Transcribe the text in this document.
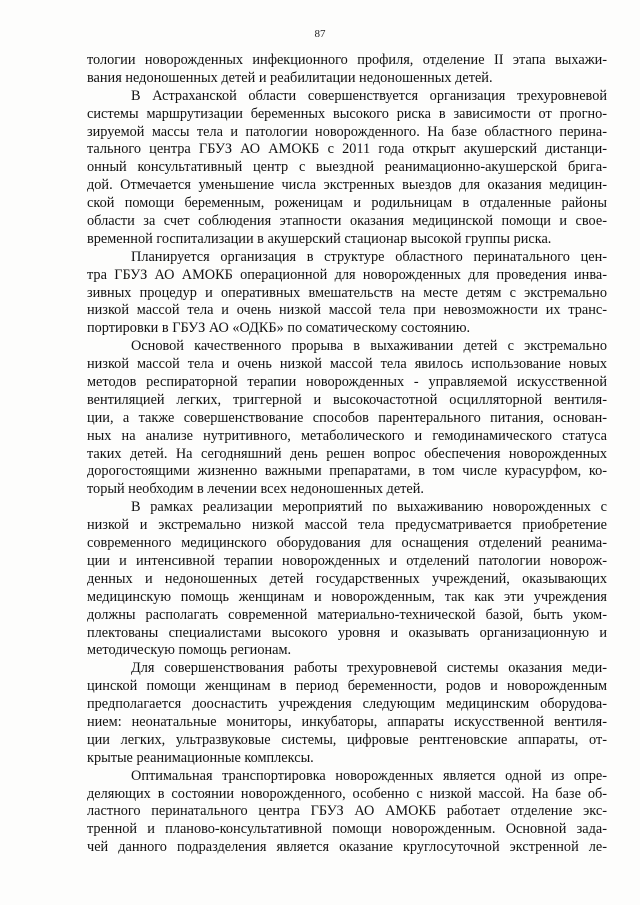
87
тологии новорожденных инфекционного профиля, отделение II этапа выхажи-
вания недоношенных детей и реабилитации недоношенных детей.
В Астраханской области совершенствуется организация трехуровневой
системы маршрутизации беременных высокого риска в зависимости от прогно-
зируемой массы тела и патологии новорожденного. На базе областного перина-
тального центра ГБУЗ АО АМОКБ с 2011 года открыт акушерский дистанци-
онный консультативный центр с выездной реанимационно-акушерской брига-
дой. Отмечается уменьшение числа экстренных выездов для оказания медицин-
ской помощи беременным, роженицам и родильницам в отдаленные районы
области за счет соблюдения этапности оказания медицинской помощи и свое-
временной госпитализации в акушерский стационар высокой группы риска.
Планируется организация в структуре областного перинатального цен-
тра ГБУЗ АО АМОКБ операционной для новорожденных для проведения инва-
зивных процедур и оперативных вмешательств на месте детям с экстремально
низкой массой тела и очень низкой массой тела при невозможности их транс-
портировки в ГБУЗ АО «ОДКБ» по соматическому состоянию.
Основой качественного прорыва в выхаживании детей с экстремально
низкой массой тела и очень низкой массой тела явилось использование новых
методов респираторной терапии новорожденных - управляемой искусственной
вентиляцией легких, триггерной и высокочастотной осцилляторной вентиля-
ции, а также совершенствование способов парентерального питания, основан-
ных на анализе нутритивного, метаболического и гемодинамического статуса
таких детей. На сегодняшний день решен вопрос обеспечения новорожденных
дорогостоящими жизненно важными препаратами, в том числе курасурфом, ко-
торый необходим в лечении всех недоношенных детей.
В рамках реализации мероприятий по выхаживанию новорожденных с
низкой и экстремально низкой массой тела предусматривается приобретение
современного медицинского оборудования для оснащения отделений реанима-
ции и интенсивной терапии новорожденных и отделений патологии новорож-
денных и недоношенных детей государственных учреждений, оказывающих
медицинскую помощь женщинам и новорожденным, так как эти учреждения
должны располагать современной материально-технической базой, быть уком-
плектованы специалистами высокого уровня и оказывать организационную и
методическую помощь регионам.
Для совершенствования работы трехуровневой системы оказания меди-
цинской помощи женщинам в период беременности, родов и новорожденным
предполагается дооснастить учреждения следующим медицинским оборудова-
нием: неонатальные мониторы, инкубаторы, аппараты искусственной вентиля-
ции легких, ультразвуковые системы, цифровые рентгеновские аппараты, от-
крытые реанимационные комплексы.
Оптимальная транспортировка новорожденных является одной из опре-
деляющих в состоянии новорожденного, особенно с низкой массой. На базе об-
ластного перинатального центра ГБУЗ АО АМОКБ работает отделение экс-
тренной и планово-консультативной помощи новорожденным. Основной зада-
чей данного подразделения является оказание круглосуточной экстренной ле-
